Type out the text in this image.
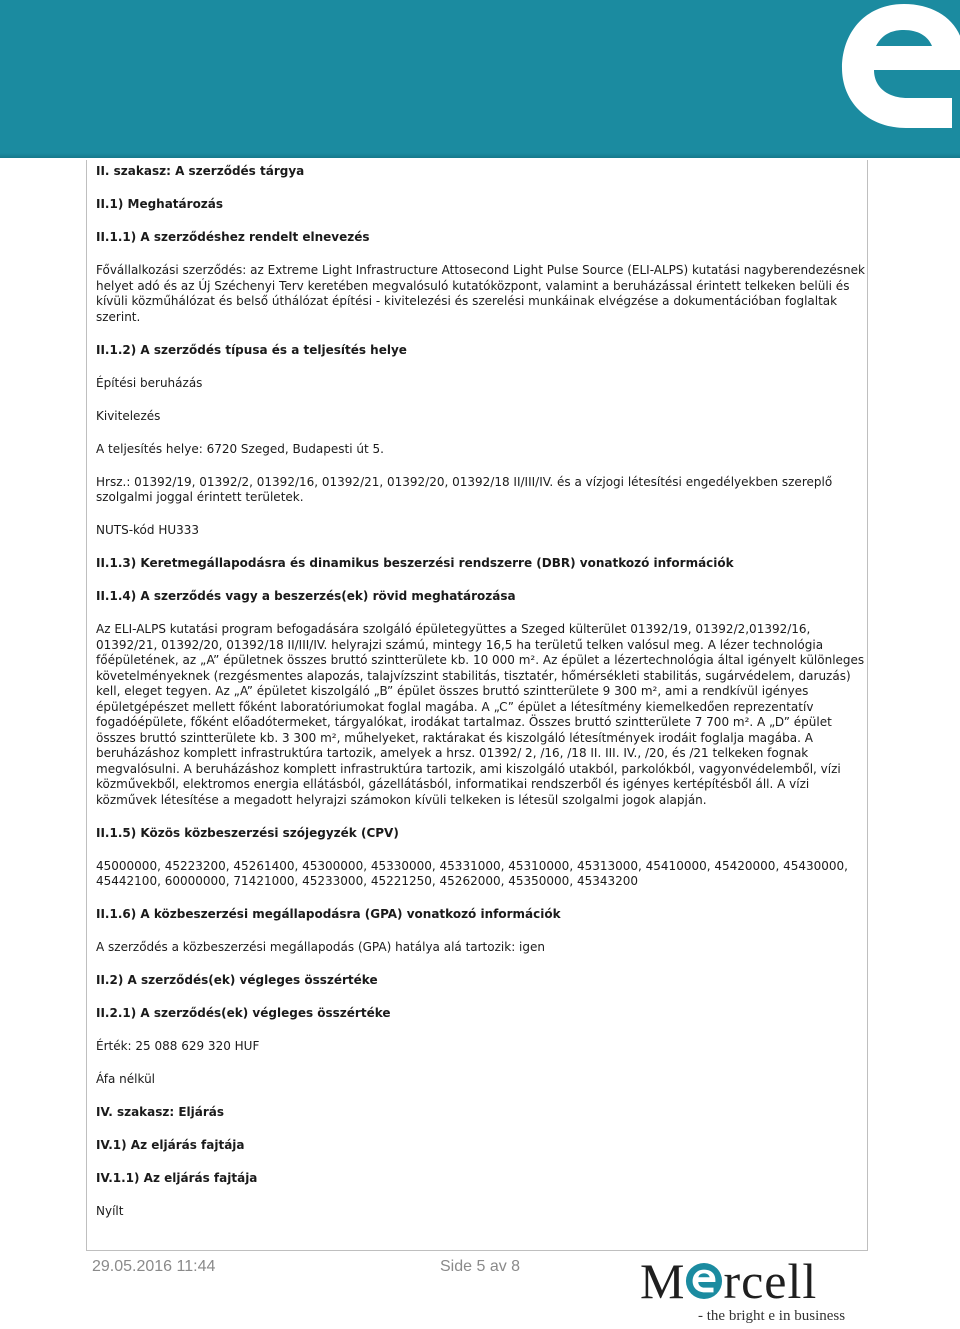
II. szakasz: A szerződés tárgya

II.1) Meghatározás

II.1.1) A szerződéshez rendelt elnevezés

Fővállalkozási szerződés: az Extreme Light Infrastructure Attosecond Light Pulse Source (ELI-ALPS) kutatási nagyberendezésnek helyet adó és az Új Széchenyi Terv keretében megvalósuló kutatóközpont, valamint a beruházással érintett telkeken belüli és kívüli közműhálózat és belső úthálózat építési - kivitelezési és szerelési munkáinak elvégzése a dokumentációban foglaltak szerint.

II.1.2) A szerződés típusa és a teljesítés helye

Építési beruházás

Kivitelezés

A teljesítés helye: 6720 Szeged, Budapesti út 5.

Hrsz.: 01392/19, 01392/2, 01392/16, 01392/21, 01392/20, 01392/18 II/III/IV. és a vízjogi létesítési engedélyekben szereplő szolgalmi joggal érintett területek.

NUTS-kód HU333

II.1.3) Keretmegállapodásra és dinamikus beszerzési rendszerre (DBR) vonatkozó információk

II.1.4) A szerződés vagy a beszerzés(ek) rövid meghatározása

Az ELI-ALPS kutatási program befogadására szolgáló épületegyüttes a Szeged külterület 01392/19, 01392/2,01392/16, 01392/21, 01392/20, 01392/18 II/III/IV. helyrajzi számú, mintegy 16,5 ha területű telken valósul meg. A lézer technológia főépületének, az „A” épületnek összes bruttó szintterülete kb. 10 000 m². Az épület a lézertechnológia által igényelt különleges követelményeknek (rezgésmentes alapozás, talajvízszint stabilitás, tisztatér, hőmérsékleti stabilitás, sugárvédelem, daruzás) kell, eleget tegyen. Az „A” épületet kiszolgáló „B” épület összes bruttó szintterülete 9 300 m², ami a rendkívül igényes épületgépészet mellett főként laboratóriumokat foglal magába. A „C” épület a létesítmény kiemelkedően reprezentatív fogadóépülete, főként előadótermeket, tárgyalókat, irodákat tartalmaz. Összes bruttó szintterülete 7 700 m². A „D” épület összes bruttó szintterülete kb. 3 300 m², műhelyeket, raktárakat és kiszolgáló létesítmények irodáit foglalja magába. A beruházáshoz komplett infrastruktúra tartozik, amelyek a hrsz. 01392/ 2, /16, /18 II. III. IV., /20, és /21 telkeken fognak megvalósulni. A beruházáshoz komplett infrastruktúra tartozik, ami kiszolgáló utakból, parkolókból, vagyonvédelemből, vízi közművekből, elektromos energia ellátásból, gázellátásból, informatikai rendszerből és igényes kertépítésből áll. A vízi közművek létesítése a megadott helyrajzi számokon kívüli telkeken is létesül szolgalmi jogok alapján.

II.1.5) Közös közbeszerzési szójegyzék (CPV)

45000000, 45223200, 45261400, 45300000, 45330000, 45331000, 45310000, 45313000, 45410000, 45420000, 45430000, 45442100, 60000000, 71421000, 45233000, 45221250, 45262000, 45350000, 45343200

II.1.6) A közbeszerzési megállapodásra (GPA) vonatkozó információk

A szerződés a közbeszerzési megállapodás (GPA) hatálya alá tartozik: igen

II.2) A szerződés(ek) végleges összértéke

II.2.1) A szerződés(ek) végleges összértéke

Érték: 25 088 629 320 HUF

Áfa nélkül

IV. szakasz: Eljárás

IV.1) Az eljárás fajtája

IV.1.1) Az eljárás fajtája

Nyílt

29.05.2016 11:44	Side 5 av 8 M rcell
- the bright e in business
